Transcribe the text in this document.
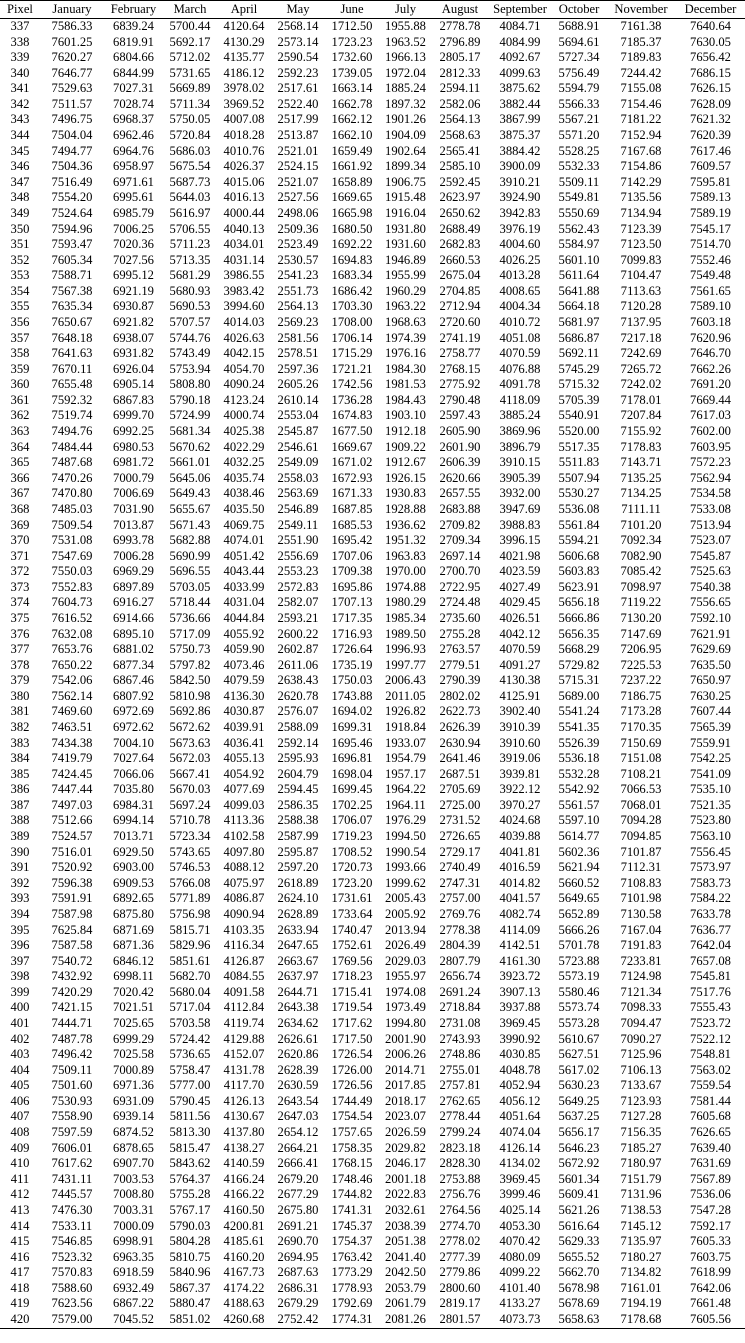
Pixel	January	February	March	April	May	June	July	August	September	October	November	December
337	7586.33	6839.24	5700.44	4120.64	2568.14	1712.50	1955.88	2778.78	4084.71	5688.91	7161.38	7640.64
338	7601.25	6819.91	5692.17	4130.29	2573.14	1723.23	1963.52	2796.89	4084.99	5694.61	7185.37	7630.05
339	7620.27	6804.66	5712.02	4135.77	2590.54	1732.60	1966.13	2805.17	4092.67	5727.34	7189.83	7656.42
340	7646.77	6844.99	5731.65	4186.12	2592.23	1739.05	1972.04	2812.33	4099.63	5756.49	7244.42	7686.15
341	7529.63	7027.31	5669.89	3978.02	2517.61	1663.14	1885.24	2594.11	3875.62	5594.79	7155.08	7626.15
342	7511.57	7028.74	5711.34	3969.52	2522.40	1662.78	1897.32	2582.06	3882.44	5566.33	7154.46	7628.09
343	7496.75	6968.37	5750.05	4007.08	2517.99	1662.12	1901.26	2564.13	3867.99	5567.21	7181.22	7621.32
344	7504.04	6962.46	5720.84	4018.28	2513.87	1662.10	1904.09	2568.63	3875.37	5571.20	7152.94	7620.39
345	7494.77	6964.76	5686.03	4010.76	2521.01	1659.49	1902.64	2565.41	3884.42	5528.25	7167.68	7617.46
346	7504.36	6958.97	5675.54	4026.37	2524.15	1661.92	1899.34	2585.10	3900.09	5532.33	7154.86	7609.57
347	7516.49	6971.61	5687.73	4015.06	2521.07	1658.89	1906.75	2592.45	3910.21	5509.11	7142.29	7595.81
348	7554.20	6995.61	5644.03	4016.13	2527.56	1669.65	1915.48	2623.97	3924.90	5549.81	7135.56	7589.13
349	7524.64	6985.79	5616.97	4000.44	2498.06	1665.98	1916.04	2650.62	3942.83	5550.69	7134.94	7589.19
350	7594.96	7006.25	5706.55	4040.13	2509.36	1680.50	1931.80	2688.49	3976.19	5562.43	7123.39	7545.17
351	7593.47	7020.36	5711.23	4034.01	2523.49	1692.22	1931.60	2682.83	4004.60	5584.97	7123.50	7514.70
352	7605.34	7027.56	5713.35	4031.14	2530.57	1694.83	1946.89	2660.53	4026.25	5601.10	7099.83	7552.46
353	7588.71	6995.12	5681.29	3986.55	2541.23	1683.34	1955.99	2675.04	4013.28	5611.64	7104.47	7549.48
354	7567.38	6921.19	5680.93	3983.42	2551.73	1686.42	1960.29	2704.85	4008.65	5641.88	7113.63	7561.65
355	7635.34	6930.87	5690.53	3994.60	2564.13	1703.30	1963.22	2712.94	4004.34	5664.18	7120.28	7589.10
356	7650.67	6921.82	5707.57	4014.03	2569.23	1708.00	1968.63	2720.60	4010.72	5681.97	7137.95	7603.18
357	7648.18	6938.07	5744.76	4026.63	2581.56	1706.14	1974.39	2741.19	4051.08	5686.87	7217.18	7620.96
358	7641.63	6931.82	5743.49	4042.15	2578.51	1715.29	1976.16	2758.77	4070.59	5692.11	7242.69	7646.70
359	7670.11	6926.04	5753.94	4054.70	2597.36	1721.21	1984.30	2768.15	4076.88	5745.29	7265.72	7662.26
360	7655.48	6905.14	5808.80	4090.24	2605.26	1742.56	1981.53	2775.92	4091.78	5715.32	7242.02	7691.20
361	7592.32	6867.83	5790.18	4123.24	2610.14	1736.28	1984.43	2790.48	4118.09	5705.39	7178.01	7669.44
362	7519.74	6999.70	5724.99	4000.74	2553.04	1674.83	1903.10	2597.43	3885.24	5540.91	7207.84	7617.03
363	7494.76	6992.25	5681.34	4025.38	2545.87	1677.50	1912.18	2605.90	3869.96	5520.00	7155.92	7602.00
364	7484.44	6980.53	5670.62	4022.29	2546.61	1669.67	1909.22	2601.90	3896.79	5517.35	7178.83	7603.95
365	7487.68	6981.72	5661.01	4032.25	2549.09	1671.02	1912.67	2606.39	3910.15	5511.83	7143.71	7572.23
366	7470.26	7000.79	5645.06	4035.74	2558.03	1672.93	1926.15	2620.66	3905.39	5507.94	7135.25	7562.94
367	7470.80	7006.69	5649.43	4038.46	2563.69	1671.33	1930.83	2657.55	3932.00	5530.27	7134.25	7534.58
368	7485.03	7031.90	5655.67	4035.50	2546.89	1687.85	1928.88	2683.88	3947.69	5536.08	7111.11	7533.08
369	7509.54	7013.87	5671.43	4069.75	2549.11	1685.53	1936.62	2709.82	3988.83	5561.84	7101.20	7513.94
370	7531.08	6993.78	5682.88	4074.01	2551.90	1695.42	1951.32	2709.34	3996.15	5594.21	7092.34	7523.07
371	7547.69	7006.28	5690.99	4051.42	2556.69	1707.06	1963.83	2697.14	4021.98	5606.68	7082.90	7545.87
372	7550.03	6969.29	5696.55	4043.44	2553.23	1709.38	1970.00	2700.70	4023.59	5603.83	7085.42	7525.63
373	7552.83	6897.89	5703.05	4033.99	2572.83	1695.86	1974.88	2722.95	4027.49	5623.91	7098.97	7540.38
374	7604.73	6916.27	5718.44	4031.04	2582.07	1707.13	1980.29	2724.48	4029.45	5656.18	7119.22	7556.65
375	7616.52	6914.66	5736.66	4044.84	2593.21	1717.35	1985.34	2735.60	4026.51	5666.86	7130.20	7592.10
376	7632.08	6895.10	5717.09	4055.92	2600.22	1716.93	1989.50	2755.28	4042.12	5656.35	7147.69	7621.91
377	7653.76	6881.02	5750.73	4059.90	2602.87	1726.64	1996.93	2763.57	4070.59	5668.29	7206.95	7629.69
378	7650.22	6877.34	5797.82	4073.46	2611.06	1735.19	1997.77	2779.51	4091.27	5729.82	7225.53	7635.50
379	7542.06	6867.46	5842.50	4079.59	2638.43	1750.03	2006.43	2790.39	4130.38	5715.31	7237.22	7650.97
380	7562.14	6807.92	5810.98	4136.30	2620.78	1743.88	2011.05	2802.02	4125.91	5689.00	7186.75	7630.25
381	7469.60	6972.69	5692.86	4030.87	2576.07	1694.02	1926.82	2622.73	3902.40	5541.24	7173.28	7607.44
382	7463.51	6972.62	5672.62	4039.91	2588.09	1699.31	1918.84	2626.39	3910.39	5541.35	7170.35	7565.39
383	7434.38	7004.10	5673.63	4036.41	2592.14	1695.46	1933.07	2630.94	3910.60	5526.39	7150.69	7559.91
384	7419.79	7027.64	5672.03	4055.13	2595.93	1696.81	1954.79	2641.46	3919.06	5536.18	7151.08	7542.25
385	7424.45	7066.06	5667.41	4054.92	2604.79	1698.04	1957.17	2687.51	3939.81	5532.28	7108.21	7541.09
386	7447.44	7035.80	5670.03	4077.69	2594.45	1699.45	1964.22	2705.69	3922.12	5542.92	7066.53	7535.10
387	7497.03	6984.31	5697.24	4099.03	2586.35	1702.25	1964.11	2725.00	3970.27	5561.57	7068.01	7521.35
388	7512.66	6994.14	5710.78	4113.36	2588.38	1706.07	1976.29	2731.52	4024.68	5597.10	7094.28	7523.80
389	7524.57	7013.71	5723.34	4102.58	2587.99	1719.23	1994.50	2726.65	4039.88	5614.77	7094.85	7563.10
390	7516.01	6929.50	5743.65	4097.80	2595.87	1708.52	1990.54	2729.17	4041.81	5602.36	7101.87	7556.45
391	7520.92	6903.00	5746.53	4088.12	2597.20	1720.73	1993.66	2740.49	4016.59	5621.94	7112.31	7573.97
392	7596.38	6909.53	5766.08	4075.97	2618.89	1723.20	1999.62	2747.31	4014.82	5660.52	7108.83	7583.73
393	7591.91	6892.65	5771.89	4086.87	2624.10	1731.61	2005.43	2757.00	4041.57	5649.65	7101.98	7584.22
394	7587.98	6875.80	5756.98	4090.94	2628.89	1733.64	2005.92	2769.76	4082.74	5652.89	7130.58	7633.78
395	7625.84	6871.69	5815.71	4103.35	2633.94	1740.47	2013.94	2778.38	4114.09	5666.26	7167.04	7636.77
396	7587.58	6871.36	5829.96	4116.34	2647.65	1752.61	2026.49	2804.39	4142.51	5701.78	7191.83	7642.04
397	7540.72	6846.12	5851.61	4126.87	2663.67	1769.56	2029.03	2807.79	4161.30	5723.88	7233.81	7657.08
398	7432.92	6998.11	5682.70	4084.55	2637.97	1718.23	1955.97	2656.74	3923.72	5573.19	7124.98	7545.81
399	7420.29	7020.42	5680.04	4091.58	2644.71	1715.41	1974.08	2691.24	3907.13	5580.46	7121.34	7517.76
400	7421.15	7021.51	5717.04	4112.84	2643.38	1719.54	1973.49	2718.84	3937.88	5573.74	7098.33	7555.43
401	7444.71	7025.65	5703.58	4119.74	2634.62	1717.62	1994.80	2731.08	3969.45	5573.28	7094.47	7523.72
402	7487.78	6999.29	5724.42	4129.88	2626.61	1717.50	2001.90	2743.93	3990.92	5610.67	7090.27	7522.12
403	7496.42	7025.58	5736.65	4152.07	2620.86	1726.54	2006.26	2748.86	4030.85	5627.51	7125.96	7548.81
404	7509.11	7000.89	5758.47	4131.78	2628.39	1726.00	2014.71	2755.01	4048.78	5617.02	7106.13	7563.02
405	7501.60	6971.36	5777.00	4117.70	2630.59	1726.56	2017.85	2757.81	4052.94	5630.23	7133.67	7559.54
406	7530.93	6931.09	5790.45	4126.13	2643.54	1744.49	2018.17	2762.65	4056.12	5649.25	7123.93	7581.44
407	7558.90	6939.14	5811.56	4130.67	2647.03	1754.54	2023.07	2778.44	4051.64	5637.25	7127.28	7605.68
408	7597.59	6874.52	5813.30	4137.80	2654.12	1757.65	2026.59	2799.24	4074.04	5656.17	7156.35	7626.65
409	7606.01	6878.65	5815.47	4138.27	2664.21	1758.35	2029.82	2823.18	4126.14	5646.23	7185.27	7639.40
410	7617.62	6907.70	5843.62	4140.59	2666.41	1768.15	2046.17	2828.30	4134.02	5672.92	7180.97	7631.69
411	7431.11	7003.53	5764.37	4166.24	2679.20	1748.46	2001.18	2753.88	3969.45	5601.34	7151.79	7567.89
412	7445.57	7008.80	5755.28	4166.22	2677.29	1744.82	2022.83	2756.76	3999.46	5609.41	7131.96	7536.06
413	7476.30	7003.31	5767.17	4160.50	2675.80	1741.31	2032.61	2764.56	4025.14	5621.26	7138.53	7547.28
414	7533.11	7000.09	5790.03	4200.81	2691.21	1745.37	2038.39	2774.70	4053.30	5616.64	7145.12	7592.17
415	7546.85	6998.91	5804.28	4185.61	2690.70	1754.37	2051.38	2778.02	4070.42	5629.33	7135.97	7605.33
416	7523.32	6963.35	5810.75	4160.20	2694.95	1763.42	2041.40	2777.39	4080.09	5655.52	7180.27	7603.75
417	7570.83	6918.59	5840.96	4167.73	2687.63	1773.29	2042.50	2779.86	4099.22	5662.70	7134.82	7618.99
418	7588.60	6932.49	5867.37	4174.22	2686.31	1778.93	2053.79	2800.60	4101.40	5678.98	7161.01	7642.06
419	7623.56	6867.22	5880.47	4188.63	2679.29	1792.69	2061.79	2819.17	4133.27	5678.69	7194.19	7661.48
420	7579.00	7045.52	5851.02	4260.68	2752.42	1774.31	2081.26	2801.57	4073.73	5658.63	7178.68	7605.56
